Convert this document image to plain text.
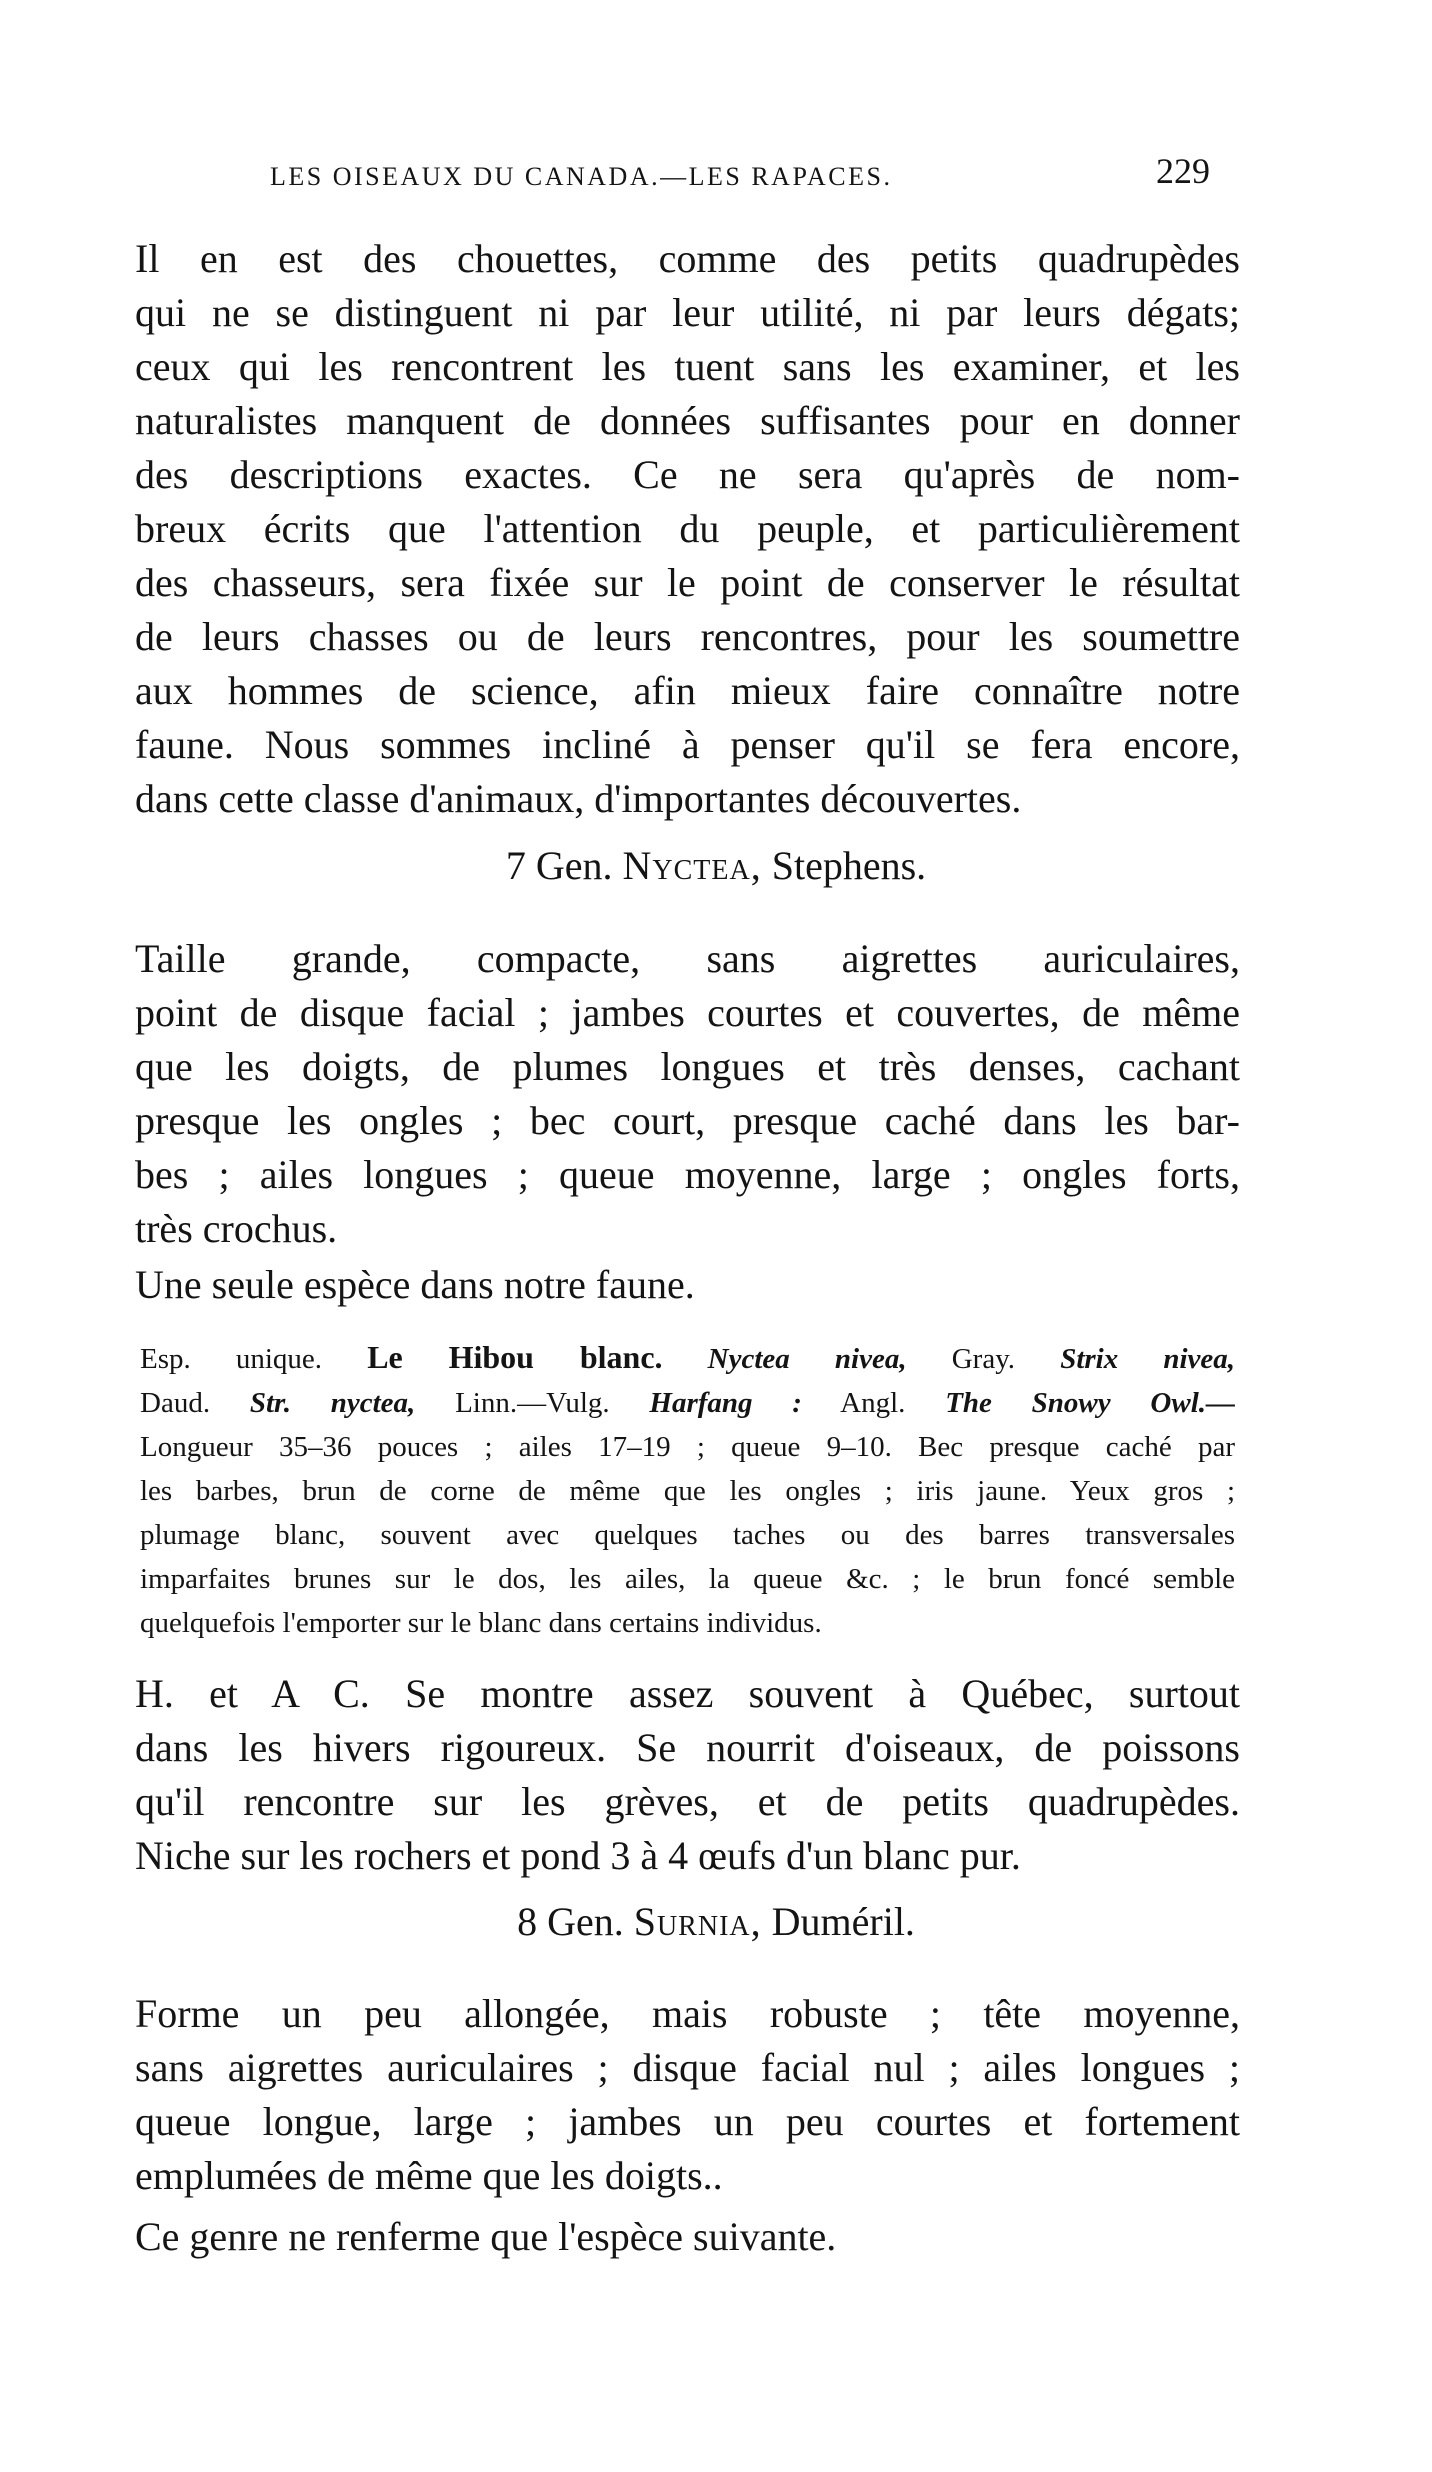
LES OISEAUX DU CANADA.—LES RAPACES.	229

Il en est des chouettes, comme des petits quadrupèdes
qui ne se distinguent ni par leur utilité, ni par leurs dégats;
ceux qui les rencontrent les tuent sans les examiner, et les
naturalistes manquent de données suffisantes pour en donner
des descriptions exactes. Ce ne sera qu'après de nom-
breux écrits que l'attention du peuple, et particulièrement
des chasseurs, sera fixée sur le point de conserver le résultat
de leurs chasses ou de leurs rencontres, pour les soumettre
aux hommes de science, afin mieux faire connaître notre
faune. Nous sommes incliné à penser qu'il se fera encore,
dans cette classe d'animaux, d'importantes découvertes.

7 Gen. Nyctea, Stephens.

Taille grande, compacte, sans aigrettes auriculaires,
point de disque facial ; jambes courtes et couvertes, de même
que les doigts, de plumes longues et très denses, cachant
presque les ongles ; bec court, presque caché dans les bar-
bes ; ailes longues ; queue moyenne, large ; ongles forts,
très crochus.

Une seule espèce dans notre faune.

Esp. unique. Le Hibou blanc. Nyctea nivea, Gray. Strix nivea,
Daud. Str. nyctea, Linn.—Vulg. Harfang : Angl. The Snowy Owl.—
Longueur 35–36 pouces ; ailes 17–19 ; queue 9–10. Bec presque caché par
les barbes, brun de corne de même que les ongles ; iris jaune. Yeux gros ;
plumage blanc, souvent avec quelques taches ou des barres transversales
imparfaites brunes sur le dos, les ailes, la queue &c. ; le brun foncé semble
quelquefois l'emporter sur le blanc dans certains individus.

H. et A C. Se montre assez souvent à Québec, surtout
dans les hivers rigoureux. Se nourrit d'oiseaux, de poissons
qu'il rencontre sur les grèves, et de petits quadrupèdes.
Niche sur les rochers et pond 3 à 4 œufs d'un blanc pur.

8 Gen. Surnia, Duméril.

Forme un peu allongée, mais robuste ; tête moyenne,
sans aigrettes auriculaires ; disque facial nul ; ailes longues ;
queue longue, large ; jambes un peu courtes et fortement
emplumées de même que les doigts..

Ce genre ne renferme que l'espèce suivante.
